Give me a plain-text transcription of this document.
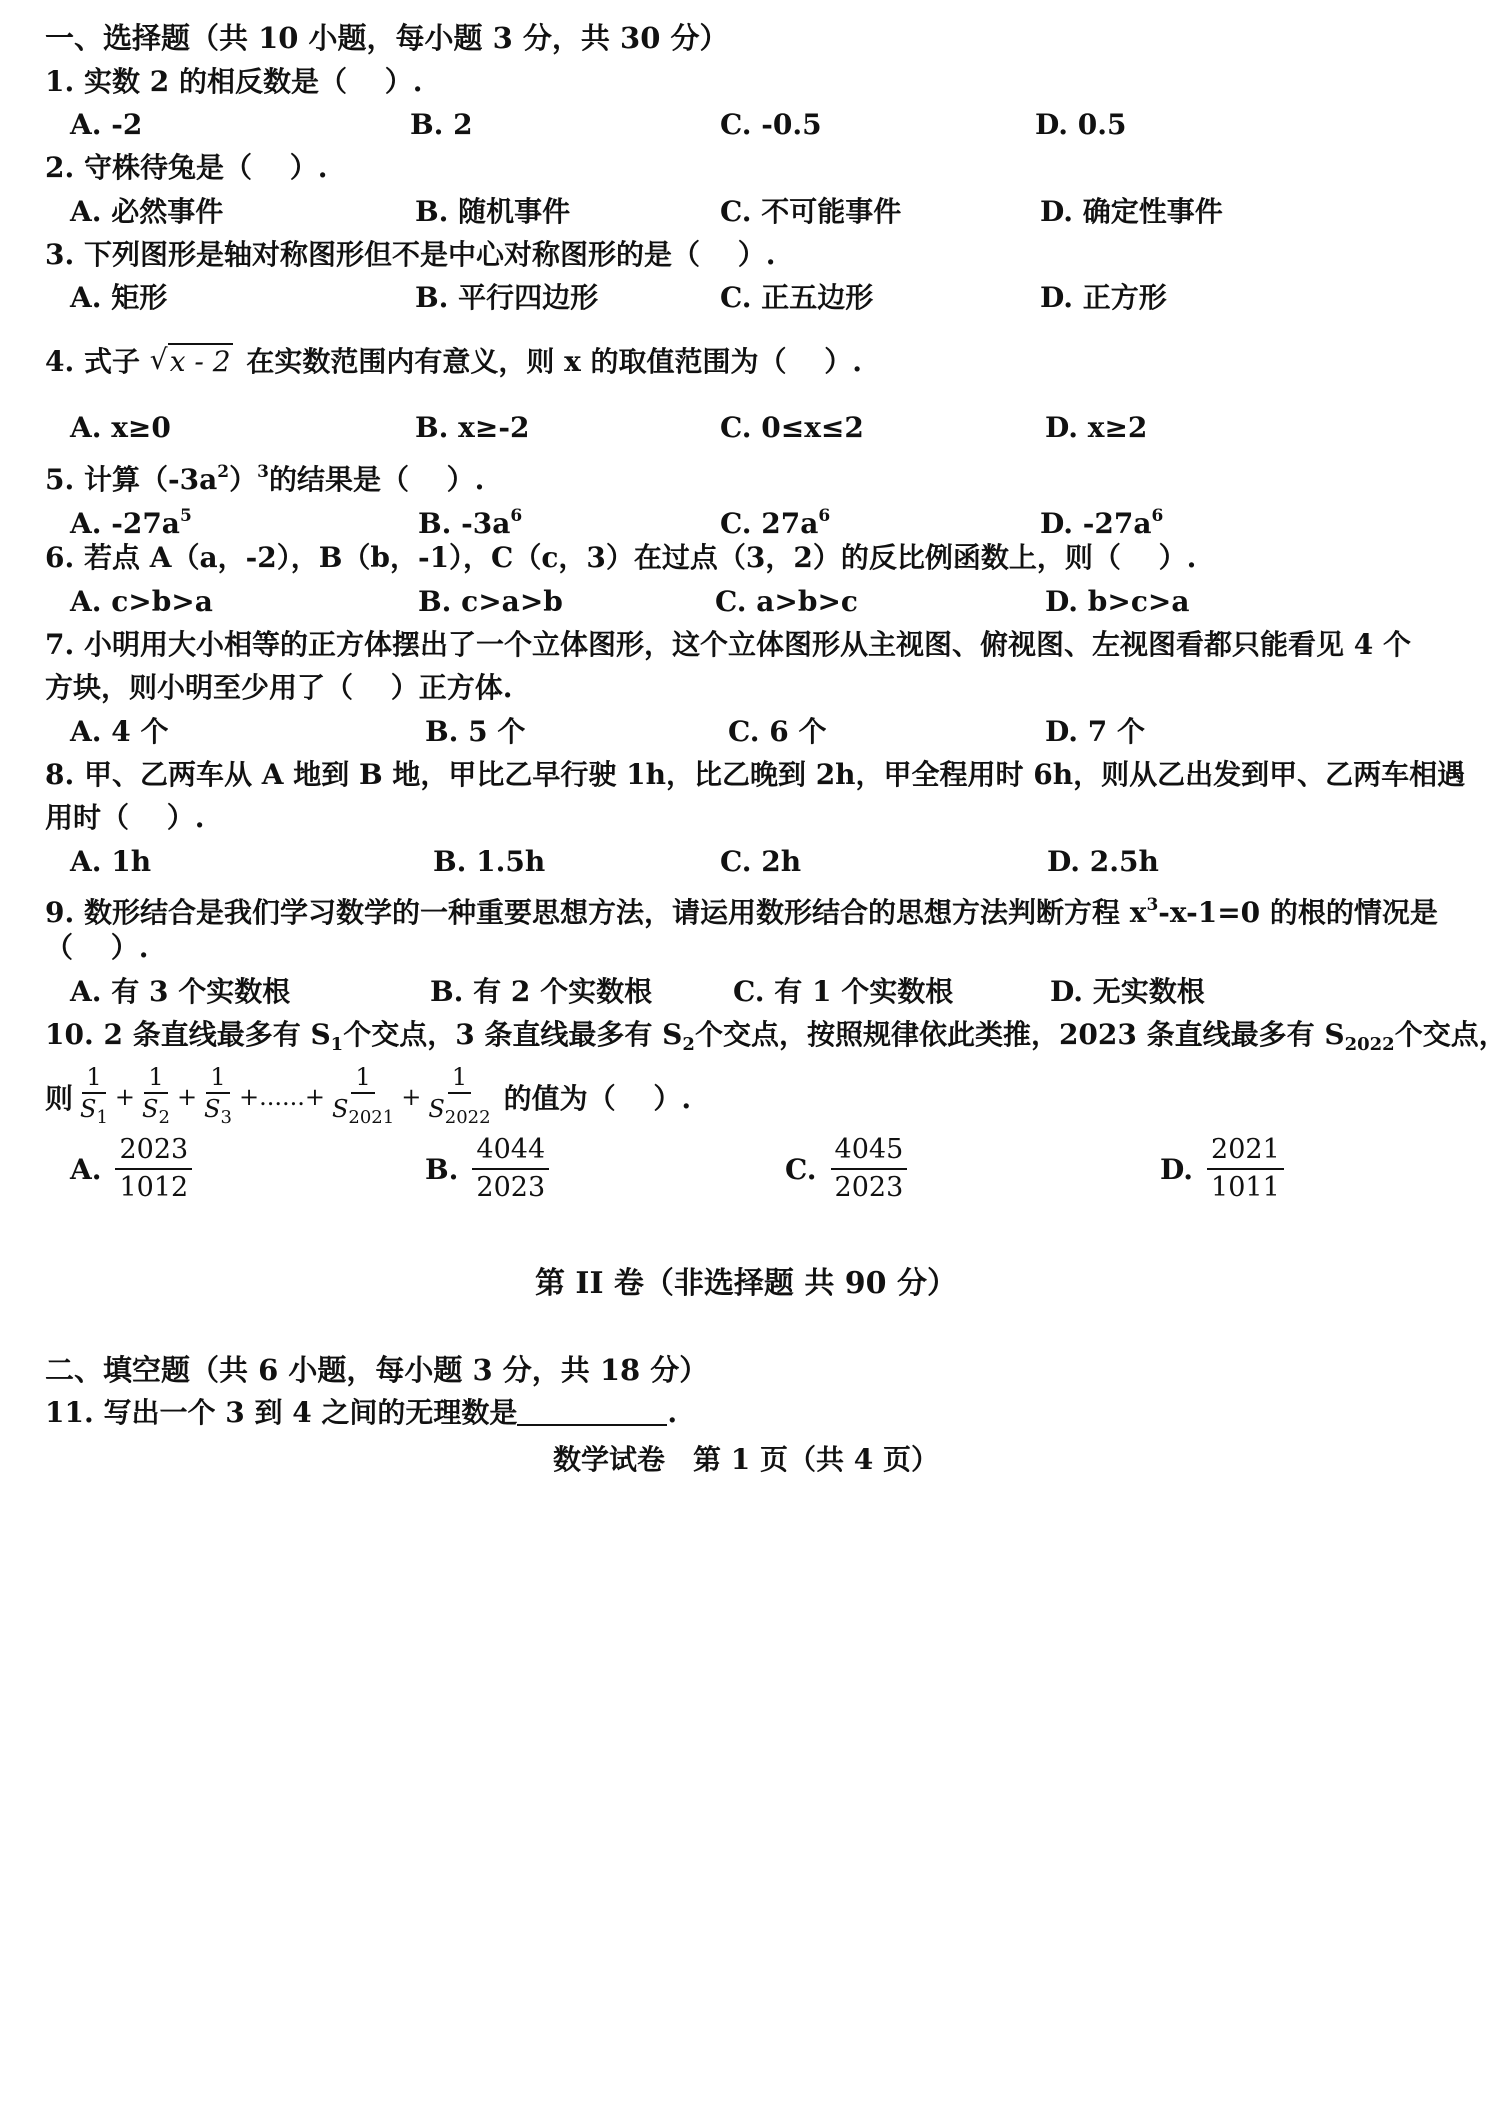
一、选择题（共 10 小题，每小题 3 分，共 30 分）
1. 实数 2 的相反数是（　 ）.
A. -2	B. 2	C. -0.5	D. 0.5
2. 守株待兔是（　 ）.
A. 必然事件	B. 随机事件	C. 不可能事件	D. 确定性事件
3. 下列图形是轴对称图形但不是中心对称图形的是（　 ）.
A. 矩形	B. 平行四边形	C. 正五边形	D. 正方形
4. 式子 √ x - 2 在实数范围内有意义，则 x 的取值范围为（　 ）.
A. x≥0	B. x≥-2	C. 0≤x≤2	D. x≥2
5. 计算$(-3a^2)^3$的结果是（　 ）.
A. $-27a^5$	B. $-3a^6$	C. $27a^6$	D. $-27a^6$
6. 若点 A（a，-2），B（b，-1），C（c，3）在过点（3，2）的反比例函数上，则（　 ）.
A. c>b>a	B. c>a>b	C. a>b>c	D. b>c>a
7. 小明用大小相等的正方体摆出了一个立体图形，这个立体图形从主视图、俯视图、左视图看都只能看见 4 个
方块，则小明至少用了（　 ）正方体.
A. 4 个	B. 5 个	C. 6 个	D. 7 个
8. 甲、乙两车从 A 地到 B 地，甲比乙早行驶 1h，比乙晚到 2h，甲全程用时 6h，则从乙出发到甲、乙两车相遇
用时（　 ）.
A. 1h	B. 1.5h	C. 2h	D. 2.5h
9. 数形结合是我们学习数学的一种重要思想方法，请运用数形结合的思想方法判断方程 $x^3-x-1=0$ 的根的情况是
（　 ）.
A. 有 3 个实数根	B. 有 2 个实数根	C. 有 1 个实数根	D. 无实数根
10. 2 条直线最多有 $S_1$个交点，3 条直线最多有 $S_2$个交点，按照规律依此类推，2023 条直线最多有 $S_{2022}$个交点，
则 $\frac{1}{S_1} + \frac{1}{S_2} + \frac{1}{S_3}$ +......+ $\frac{1}{S_{2021}} + \frac{1}{S_{2022}}$ 的值为（　 ）.
A. $\frac{2023}{1012}$	B. $\frac{4044}{2023}$	C. $\frac{4045}{2023}$	D. $\frac{2021}{1011}$
第 II 卷（非选择题 共 90 分）
二、填空题（共 6 小题，每小题 3 分，共 18 分）
11. 写出一个 3 到 4 之间的无理数是	.
数学试卷　第 1 页（共 4 页）
